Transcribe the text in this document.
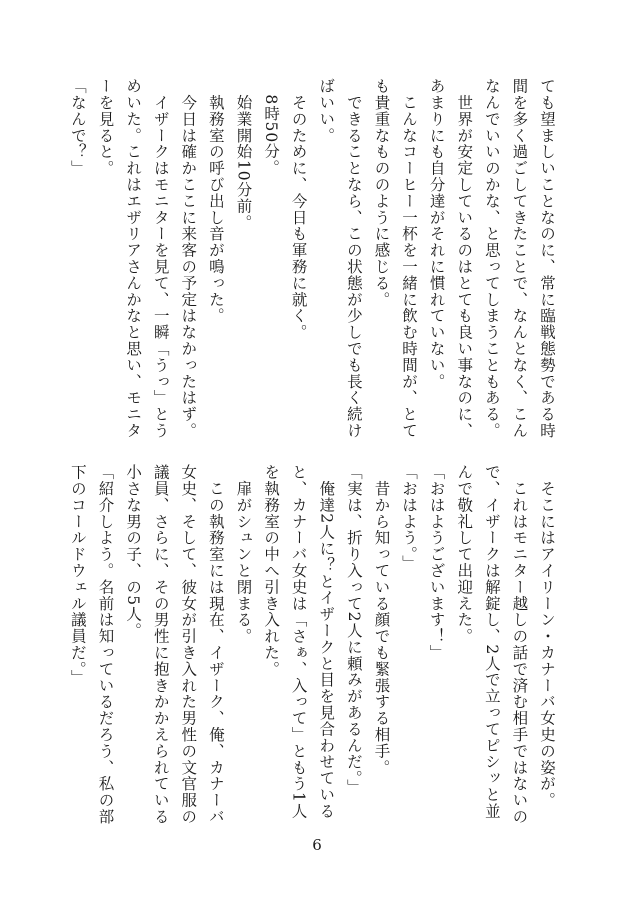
ても望ましいことなのに、常に臨戦態勢である時
間を多く過ごしてきたことで、なんとなく、こん
なんでいいのかな、と思ってしまうこともある。
　世界が安定しているのはとても良い事なのに、
あまりにも自分達がそれに慣れていない。
　こんなコーヒー一杯を一緒に飲む時間が、とて
も貴重なもののように感じる。
　できることなら、この状態が少しでも長く続け
ばいい。
　そのために、今日も軍務に就く。
　8時50分。
　始業開始10分前。
　執務室の呼び出し音が鳴った。
　今日は確かここに来客の予定はなかったはず。
　イザークはモニターを見て、一瞬「うっ」とう
めいた。これはエザリアさんかなと思い、モニタ
ーを見ると。
「なんで？」
　そこにはアイリーン・カナーバ女史の姿が。
　これはモニター越しの話で済む相手ではないの
で、イザークは解錠し、2人で立ってピシッと並
んで敬礼して出迎えた。
「おはようございます！」
「おはよう。」
　昔から知っている顔でも緊張する相手。
「実は、折り入って2人に頼みがあるんだ。」
　俺達2人に？とイザークと目を見合わせている
と、カナーバ女史は「さぁ、入って」ともう1人
を執務室の中へ引き入れた。
　扉がシュンと閉まる。
　この執務室には現在、イザーク、俺、カナーバ
女史、そして、彼女が引き入れた男性の文官服の
議員、さらに、その男性に抱きかかえられている
小さな男の子、の5人。
「紹介しよう。名前は知っているだろう、私の部
下のコールドウェル議員だ。」
6
